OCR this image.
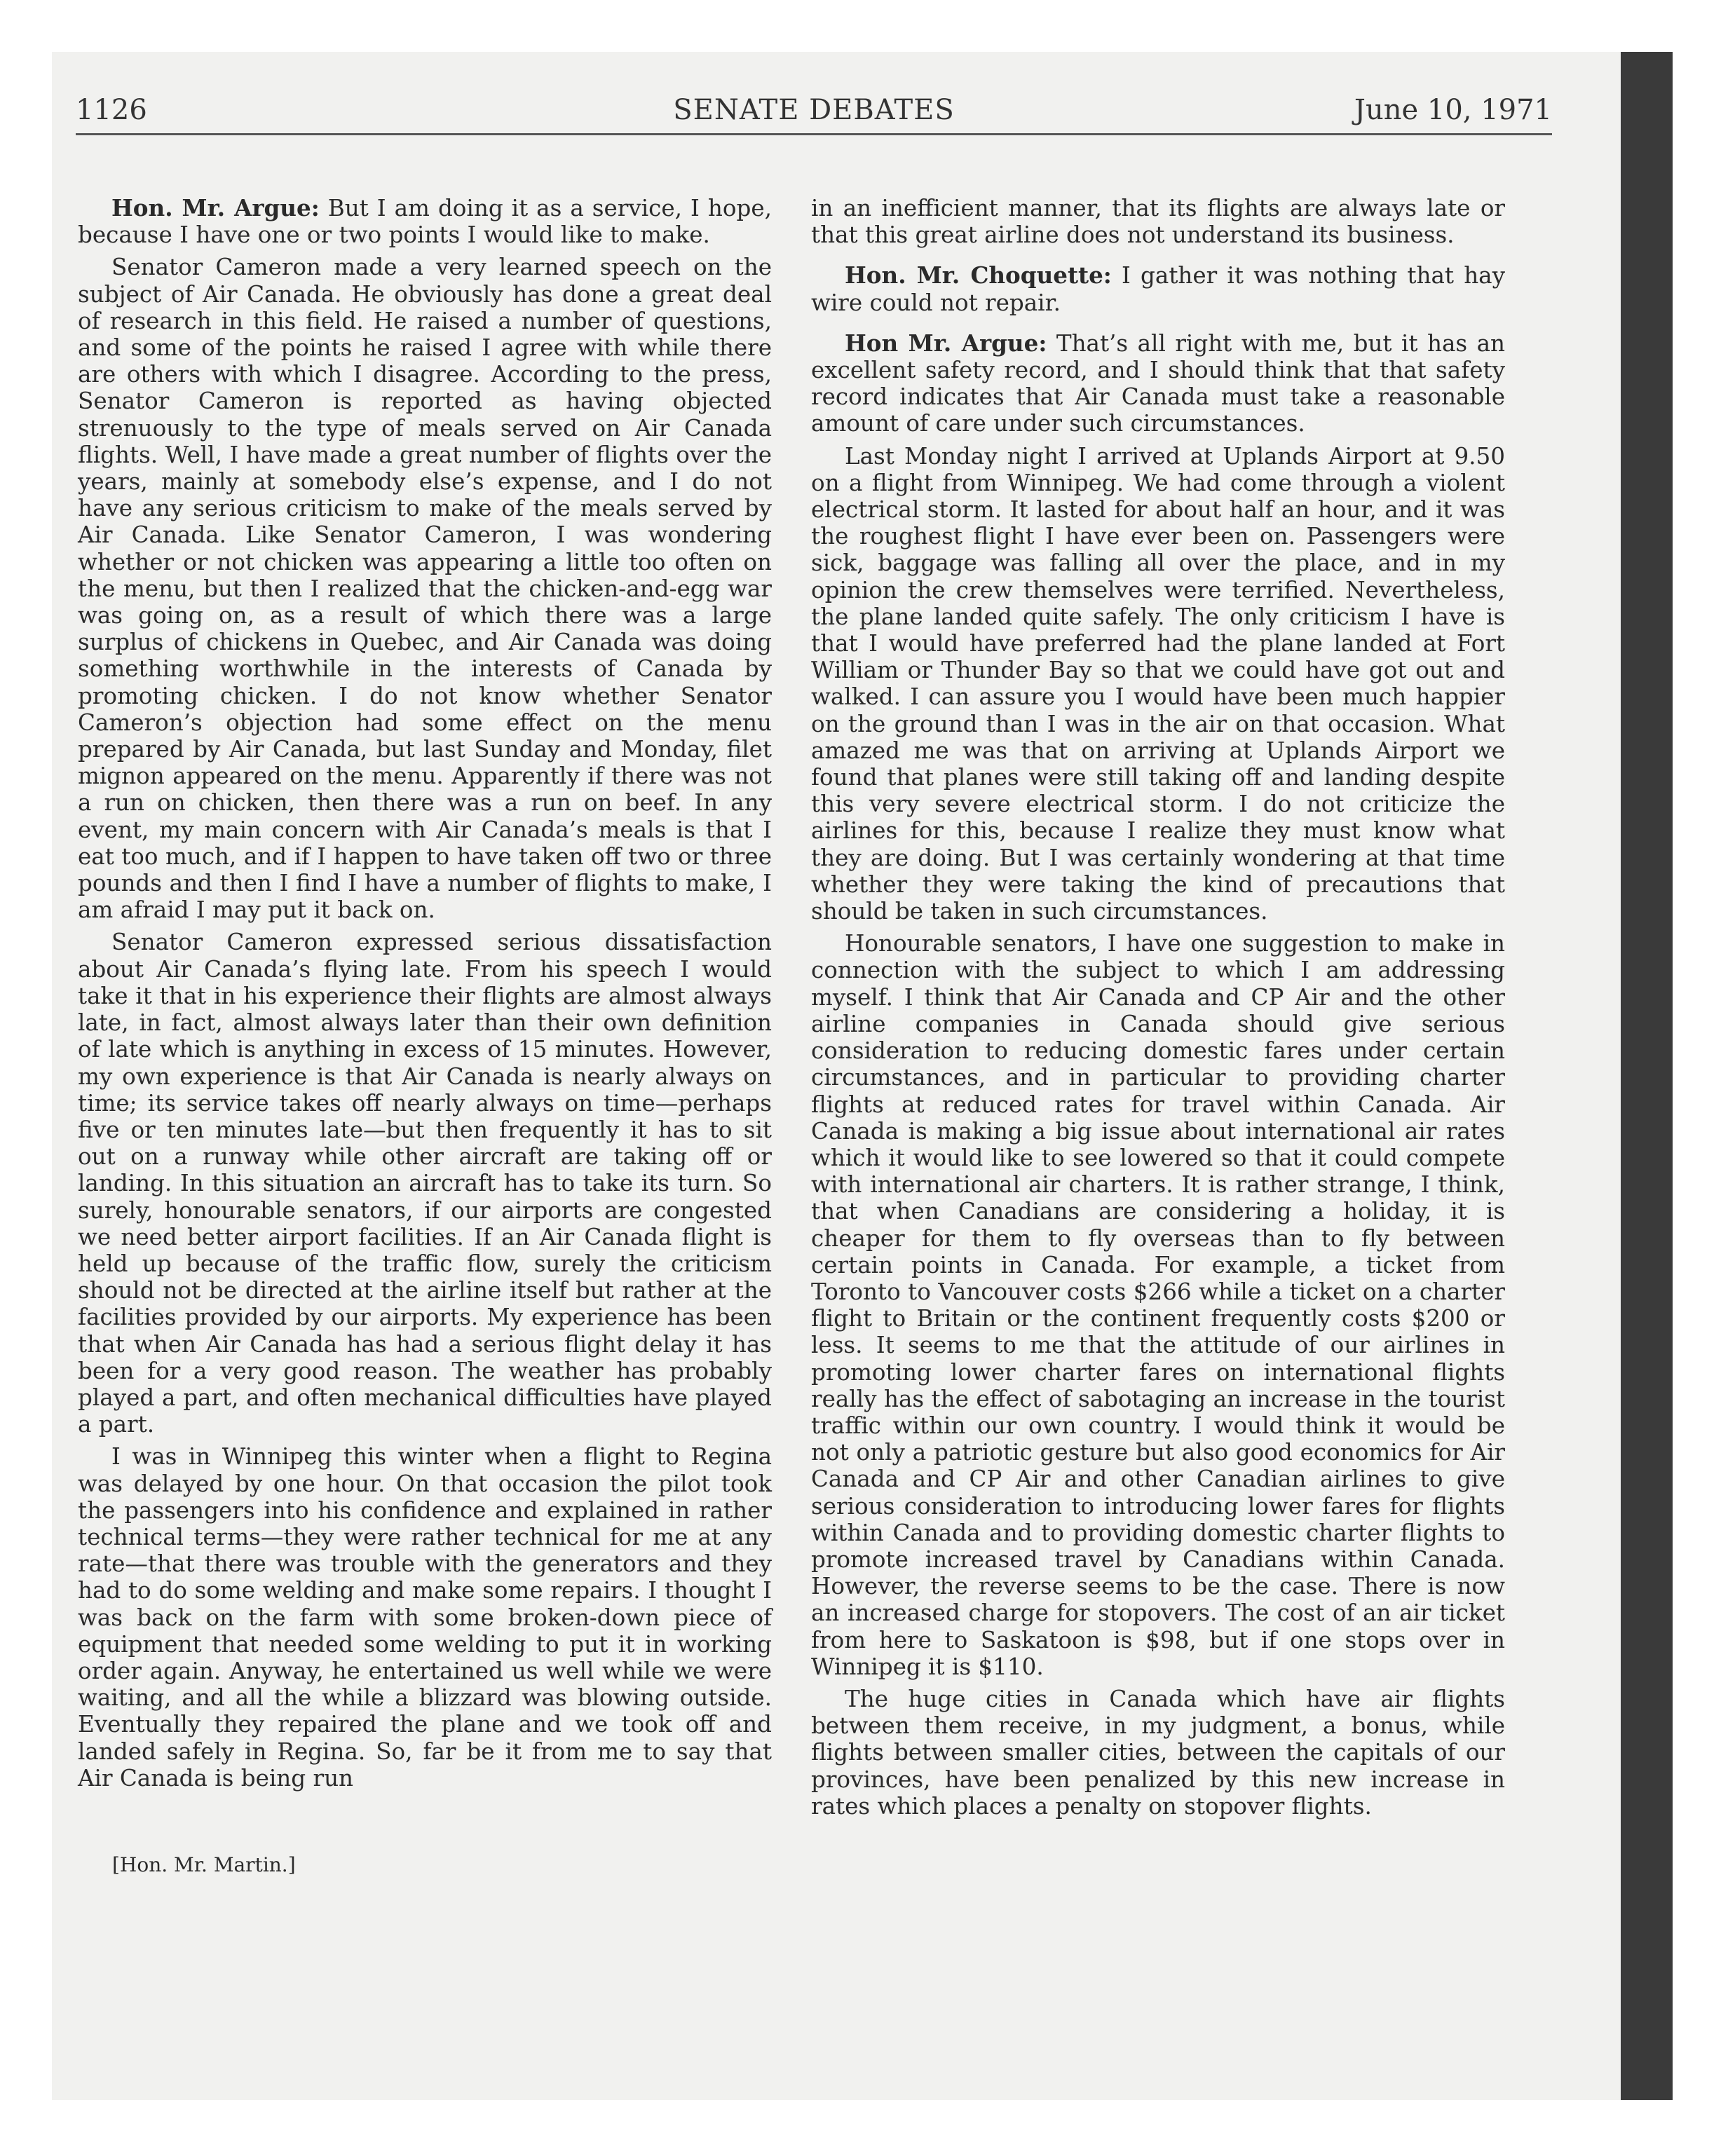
1126	SENATE DEBATES	June 10, 1971

Hon. Mr. Argue: But I am doing it as a service, I hope, because I have one or two points I would like to make.

Senator Cameron made a very learned speech on the subject of Air Canada. He obviously has done a great deal of research in this field. He raised a number of questions, and some of the points he raised I agree with while there are others with which I disagree. According to the press, Senator Cameron is reported as having objected strenuously to the type of meals served on Air Canada flights. Well, I have made a great number of flights over the years, mainly at somebody else’s expense, and I do not have any serious criticism to make of the meals served by Air Canada. Like Senator Cameron, I was wondering whether or not chicken was appearing a little too often on the menu, but then I realized that the chicken-and-egg war was going on, as a result of which there was a large surplus of chickens in Quebec, and Air Canada was doing something worthwhile in the interests of Canada by promoting chicken. I do not know whether Senator Cameron’s objection had some effect on the menu prepared by Air Canada, but last Sunday and Monday, filet mignon appeared on the menu. Apparently if there was not a run on chicken, then there was a run on beef. In any event, my main concern with Air Canada’s meals is that I eat too much, and if I happen to have taken off two or three pounds and then I find I have a number of flights to make, I am afraid I may put it back on.

Senator Cameron expressed serious dissatisfaction about Air Canada’s flying late. From his speech I would take it that in his experience their flights are almost always late, in fact, almost always later than their own definition of late which is anything in excess of 15 minutes. However, my own experience is that Air Canada is nearly always on time; its service takes off nearly always on time—perhaps five or ten minutes late—but then frequently it has to sit out on a runway while other aircraft are taking off or landing. In this situation an aircraft has to take its turn. So surely, honourable senators, if our airports are congested we need better airport facilities. If an Air Canada flight is held up because of the traffic flow, surely the criticism should not be directed at the airline itself but rather at the facilities provided by our airports. My experience has been that when Air Canada has had a serious flight delay it has been for a very good reason. The weather has probably played a part, and often mechanical difficulties have played a part.

I was in Winnipeg this winter when a flight to Regina was delayed by one hour. On that occasion the pilot took the passengers into his confidence and explained in rather technical terms—they were rather technical for me at any rate—that there was trouble with the generators and they had to do some welding and make some repairs. I thought I was back on the farm with some broken-down piece of equipment that needed some welding to put it in working order again. Anyway, he entertained us well while we were waiting, and all the while a blizzard was blowing outside. Eventually they repaired the plane and we took off and landed safely in Regina. So, far be it from me to say that Air Canada is being run

in an inefficient manner, that its flights are always late or that this great airline does not understand its business.

Hon. Mr. Choquette: I gather it was nothing that hay wire could not repair.

Hon Mr. Argue: That’s all right with me, but it has an excellent safety record, and I should think that that safety record indicates that Air Canada must take a reasonable amount of care under such circumstances.

Last Monday night I arrived at Uplands Airport at 9.50 on a flight from Winnipeg. We had come through a violent electrical storm. It lasted for about half an hour, and it was the roughest flight I have ever been on. Passengers were sick, baggage was falling all over the place, and in my opinion the crew themselves were terrified. Nevertheless, the plane landed quite safely. The only criticism I have is that I would have preferred had the plane landed at Fort William or Thunder Bay so that we could have got out and walked. I can assure you I would have been much happier on the ground than I was in the air on that occasion. What amazed me was that on arriving at Uplands Airport we found that planes were still taking off and landing despite this very severe electrical storm. I do not criticize the airlines for this, because I realize they must know what they are doing. But I was certainly wondering at that time whether they were taking the kind of precautions that should be taken in such circumstances.

Honourable senators, I have one suggestion to make in connection with the subject to which I am addressing myself. I think that Air Canada and CP Air and the other airline companies in Canada should give serious consideration to reducing domestic fares under certain circumstances, and in particular to providing charter flights at reduced rates for travel within Canada. Air Canada is making a big issue about international air rates which it would like to see lowered so that it could compete with international air charters. It is rather strange, I think, that when Canadians are considering a holiday, it is cheaper for them to fly overseas than to fly between certain points in Canada. For example, a ticket from Toronto to Vancouver costs $266 while a ticket on a charter flight to Britain or the continent frequently costs $200 or less. It seems to me that the attitude of our airlines in promoting lower charter fares on international flights really has the effect of sabotaging an increase in the tourist traffic within our own country. I would think it would be not only a patriotic gesture but also good economics for Air Canada and CP Air and other Canadian airlines to give serious consideration to introducing lower fares for flights within Canada and to providing domestic charter flights to promote increased travel by Canadians within Canada. However, the reverse seems to be the case. There is now an increased charge for stopovers. The cost of an air ticket from here to Saskatoon is $98, but if one stops over in Winnipeg it is $110.

The huge cities in Canada which have air flights between them receive, in my judgment, a bonus, while flights between smaller cities, between the capitals of our provinces, have been penalized by this new increase in rates which places a penalty on stopover flights.

[Hon. Mr. Martin.]
